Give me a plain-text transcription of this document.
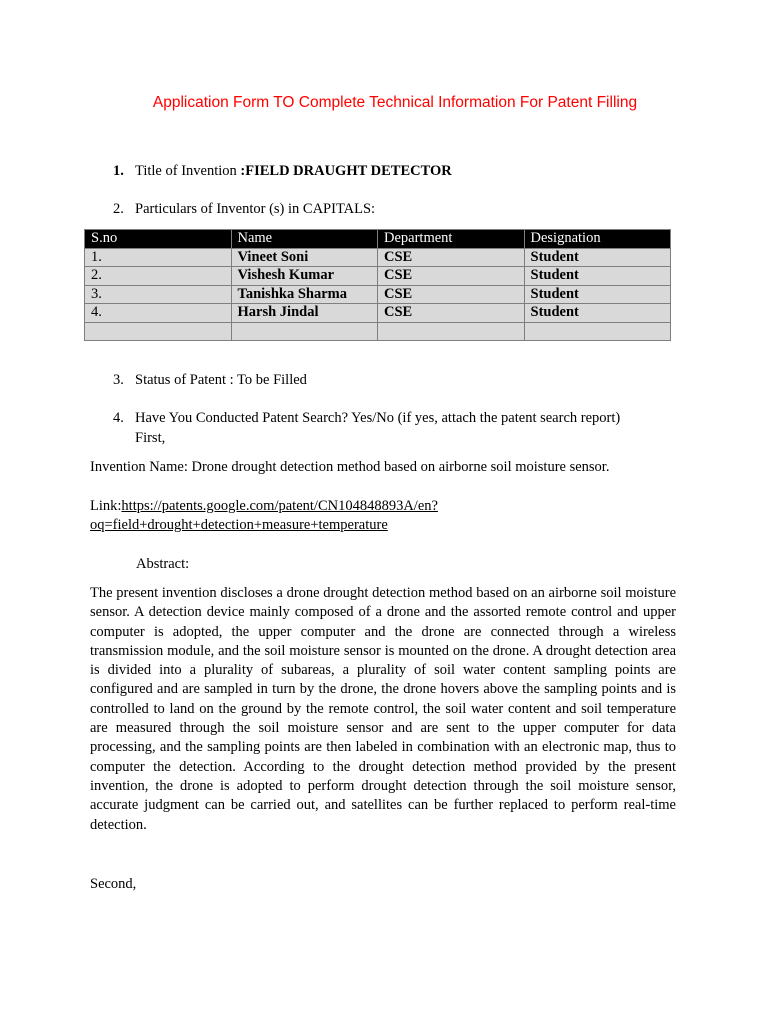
Application Form TO Complete Technical Information For Patent Filling
1. Title of Invention :FIELD DRAUGHT DETECTOR
2. Particulars of Inventor (s) in CAPITALS:
S.no	Name	Department	Designation
1.	Vineet Soni	CSE	Student
2.	Vishesh Kumar	CSE	Student
3.	Tanishka Sharma	CSE	Student
4.	Harsh Jindal	CSE	Student

3. Status of Patent : To be Filled
4. Have You Conducted Patent Search? Yes/No (if yes, attach the patent search report)
First,
Invention Name: Drone drought detection method based on airborne soil moisture sensor.
Link:https://patents.google.com/patent/CN104848893A/en?
oq=field+drought+detection+measure+temperature
Abstract:
The present invention discloses a drone drought detection method based on an airborne soil moisture sensor. A detection device mainly composed of a drone and the assorted remote control and upper computer is adopted, the upper computer and the drone are connected through a wireless transmission module, and the soil moisture sensor is mounted on the drone. A drought detection area is divided into a plurality of subareas, a plurality of soil water content sampling points are configured and are sampled in turn by the drone, the drone hovers above the sampling points and is controlled to land on the ground by the remote control, the soil water content and soil temperature are measured through the soil moisture sensor and are sent to the upper computer for data processing, and the sampling points are then labeled in combination with an electronic map, thus to computer the detection. According to the drought detection method provided by the present invention, the drone is adopted to perform drought detection through the soil moisture sensor, accurate judgment can be carried out, and satellites can be further replaced to perform real-time detection.
Second,
